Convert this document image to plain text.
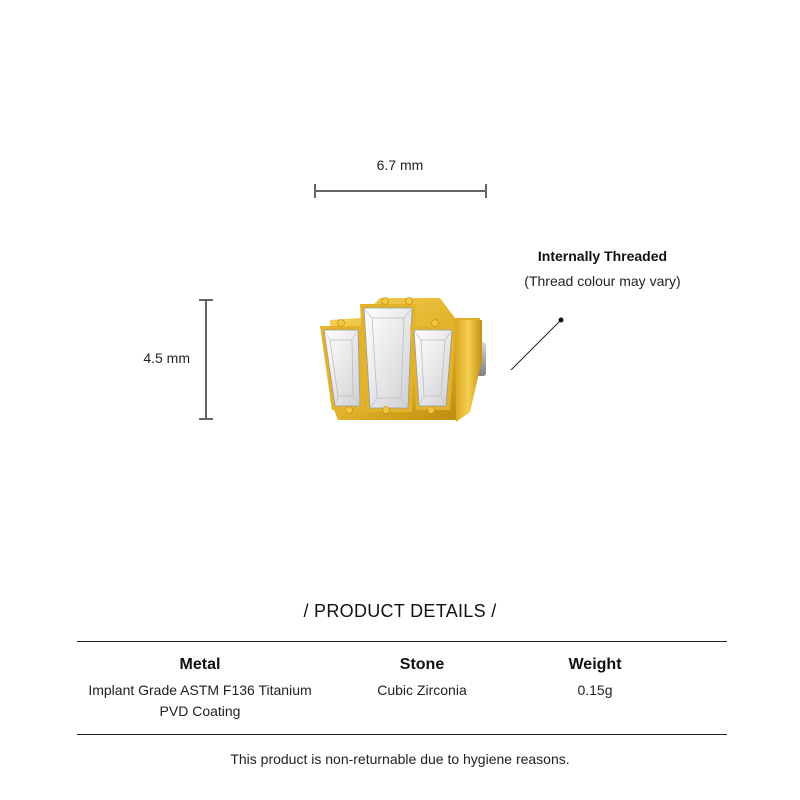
6.7 mm
4.5 mm
Internally Threaded
(Thread colour may vary)
/ PRODUCT DETAILS /
Metal
Implant Grade ASTM F136 Titanium
PVD Coating
Stone
Cubic Zirconia
Weight
0.15g
This product is non-returnable due to hygiene reasons.
